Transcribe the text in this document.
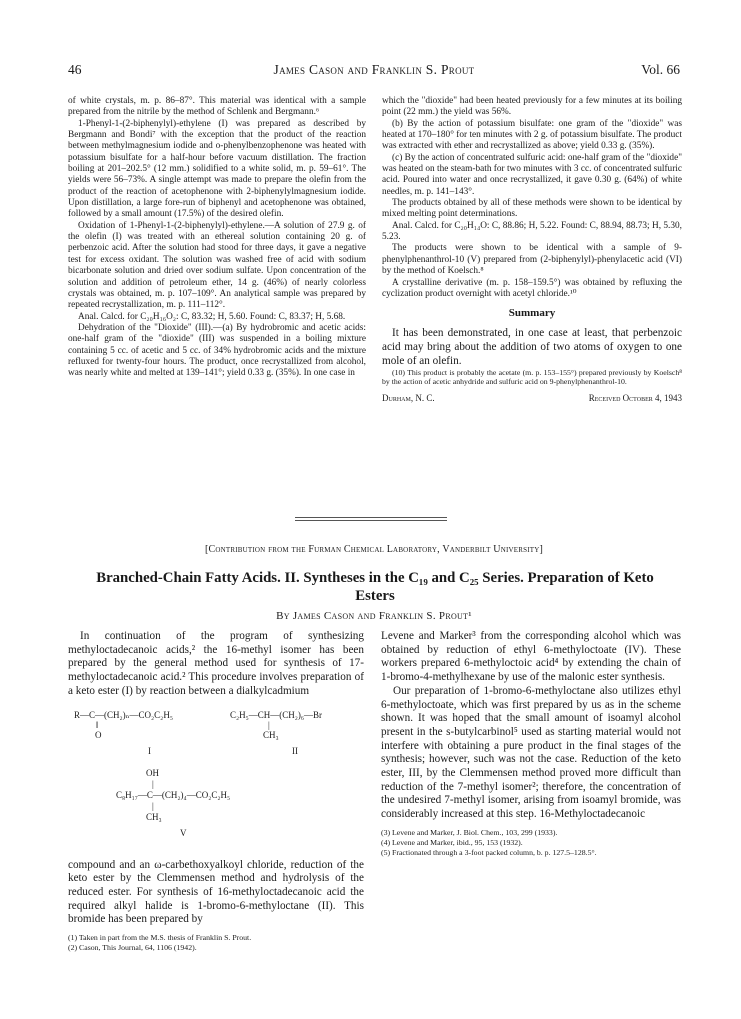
46	James Cason and Franklin S. Prout	Vol. 66

of white crystals, m. p. 86–87°. This material was identical with a sample prepared from the nitrile by the method of Schlenk and Bergmann.⁶

1-Phenyl-1-(2-biphenylyl)-ethylene (I) was prepared as described by Bergmann and Bondi⁷ with the exception that the product of the reaction between methylmagnesium iodide and o-phenylbenzophenone was heated with potassium bisulfate for a half-hour before vacuum distillation. The fraction boiling at 201–202.5° (12 mm.) solidified to a white solid, m. p. 59–61°. The yields were 56–73%. A single attempt was made to prepare the olefin from the product of the reaction of acetophenone with 2-biphenylylmagnesium iodide. Upon distillation, a large fore-run of biphenyl and acetophenone was obtained, followed by a small amount (17.5%) of the desired olefin.

Oxidation of 1-Phenyl-1-(2-biphenylyl)-ethylene.—A solution of 27.9 g. of the olefin (I) was treated with an ethereal solution containing 20 g. of perbenzoic acid. After the solution had stood for three days, it gave a negative test for excess oxidant. The solution was washed free of acid with sodium bicarbonate solution and dried over sodium sulfate. Upon concentration of the solution and addition of petroleum ether, 14 g. (46%) of nearly colorless crystals was obtained, m. p. 107–109°. An analytical sample was prepared by repeated recrystallization, m. p. 111–112°.

Anal. Calcd. for C₂₀H₁₆O₂: C, 83.32; H, 5.60. Found: C, 83.37; H, 5.68.

Dehydration of the "Dioxide" (III).—(a) By hydrobromic and acetic acids: one-half gram of the "dioxide" (III) was suspended in a boiling mixture containing 5 cc. of acetic and 5 cc. of 34% hydrobromic acids and the mixture refluxed for twenty-four hours. The product, once recrystallized from alcohol, was nearly white and melted at 139–141°; yield 0.33 g. (35%). In one case in

which the "dioxide" had been heated previously for a few minutes at its boiling point (22 mm.) the yield was 56%.

(b) By the action of potassium bisulfate: one gram of the "dioxide" was heated at 170–180° for ten minutes with 2 g. of potassium bisulfate. The product was extracted with ether and recrystallized as above; yield 0.33 g. (35%).

(c) By the action of concentrated sulfuric acid: one-half gram of the "dioxide" was heated on the steam-bath for two minutes with 3 cc. of concentrated sulfuric acid. Poured into water and once recrystallized, it gave 0.30 g. (64%) of white needles, m. p. 141–143°.

The products obtained by all of these methods were shown to be identical by mixed melting point determinations.

Anal. Calcd. for C₂₀H₁₄O: C, 88.86; H, 5.22. Found: C, 88.94, 88.73; H, 5.30, 5.23.

The products were shown to be identical with a sample of 9-phenylphenanthrol-10 (V) prepared from (2-biphenylyl)-phenylacetic acid (VI) by the method of Koelsch.⁸

A crystalline derivative (m. p. 158–159.5°) was obtained by refluxing the cyclization product overnight with acetyl chloride.¹⁰

Summary

It has been demonstrated, in one case at least, that perbenzoic acid may bring about the addition of two atoms of oxygen to one mole of an olefin.

(10) This product is probably the acetate (m. p. 153–155°) prepared previously by Koelsch⁸ by the action of acetic anhydride and sulfuric acid on 9-phenylphenanthrol-10.

Durham, N. C.	Received October 4, 1943
[Contribution from the Furman Chemical Laboratory, Vanderbilt University]
Branched-Chain Fatty Acids. II. Syntheses in the C₁₉ and C₂₅ Series. Preparation of Keto Esters
By James Cason and Franklin S. Prout¹

In continuation of the program of synthesizing methyloctadecanoic acids,² the 16-methyl isomer has been prepared by the general method used for synthesis of 17-methyloctadecanoic acid.² This procedure involves preparation of a keto ester (I) by reaction between a dialkylcadmium

R—C—(CH₂)ₙ—CO₂C₂H₅
‖
O
I
C₂H₅—CH—(CH₂)₆—Br
|
CH₃
II
OH
|
C₈H₁₇—C—(CH₂)₄—CO₂C₂H₅
|
CH₃
V

compound and an ω-carbethoxyalkoyl chloride, reduction of the keto ester by the Clemmensen method and hydrolysis of the reduced ester. For synthesis of 16-methyloctadecanoic acid the required alkyl halide is 1-bromo-6-methyloctane (II). This bromide has been prepared by

(1) Taken in part from the M.S. thesis of Franklin S. Prout.

(2) Cason, This Journal, 64, 1106 (1942).

Levene and Marker³ from the corresponding alcohol which was obtained by reduction of ethyl 6-methyloctoate (IV). These workers prepared 6-methyloctoic acid⁴ by extending the chain of 1-bromo-4-methylhexane by use of the malonic ester synthesis.

Our preparation of 1-bromo-6-methyloctane also utilizes ethyl 6-methyloctoate, which was first prepared by us as in the scheme shown. It was hoped that the small amount of isoamyl alcohol present in the s-butylcarbinol⁵ used as starting material would not interfere with obtaining a pure product in the final stages of the synthesis; however, such was not the case. Reduction of the keto ester, III, by the Clemmensen method proved more difficult than reduction of the 7-methyl isomer²; therefore, the concentration of the undesired 7-methyl isomer, arising from isoamyl bromide, was considerably increased at this step. 16-Methyloctadecanoic

(3) Levene and Marker, J. Biol. Chem., 103, 299 (1933).

(4) Levene and Marker, ibid., 95, 153 (1932).

(5) Fractionated through a 3-foot packed column, b. p. 127.5–128.5°.
